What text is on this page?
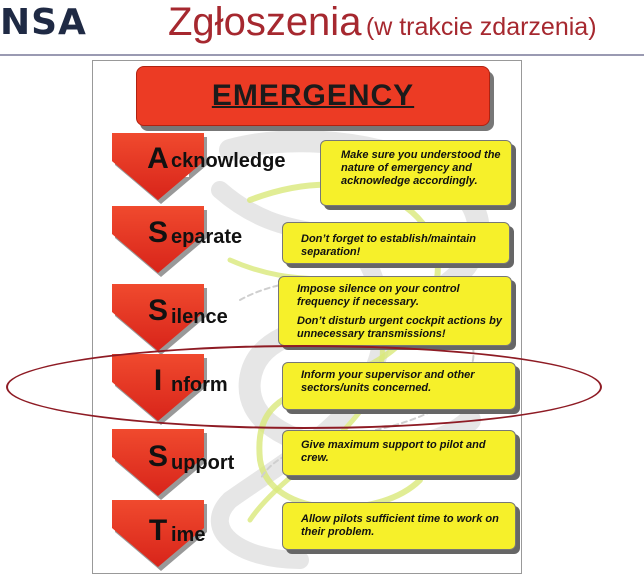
NSA Zgłoszenia (w trakcie zdarzenia)
EMERGENCY
A cknowledge	Make sure you understood the nature of emergency and acknowledge accordingly.

S eparate	Don’t forget to establish/maintain separation!

S ilence

Impose silence on your control frequency if necessary.

Don’t disturb urgent cockpit actions by unnecessary transmissions!

I nform	Inform your supervisor and other sectors/units concerned.

S upport

Give maximum support to pilot and crew.

T ime

Allow pilots sufficient time to work on their problem.
